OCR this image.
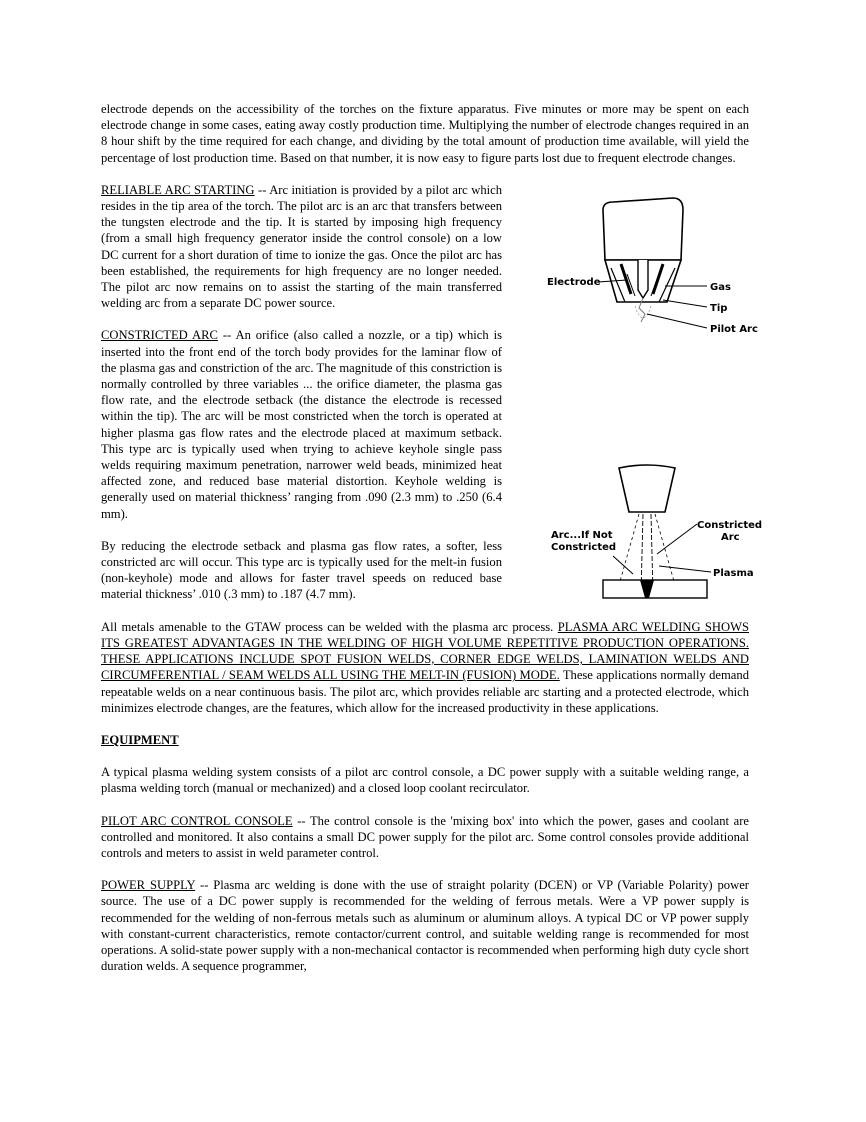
electrode depends on the accessibility of the torches on the fixture apparatus. Five minutes or more may be spent on each electrode change in some cases, eating away costly production time. Multiplying the number of electrode changes required in an 8 hour shift by the time required for each change, and dividing by the total amount of production time available, will yield the percentage of lost production time. Based on that number, it is now easy to figure parts lost due to frequent electrode changes.

RELIABLE ARC STARTING -- Arc initiation is provided by a pilot arc which resides in the tip area of the torch. The pilot arc is an arc that transfers between the tungsten electrode and the tip. It is started by imposing high frequency (from a small high frequency generator inside the control console) on a low DC current for a short duration of time to ionize the gas. Once the pilot arc has been established, the requirements for high frequency are no longer needed. The pilot arc now remains on to assist the starting of the main transferred welding arc from a separate DC power source.

CONSTRICTED ARC -- An orifice (also called a nozzle, or a tip) which is inserted into the front end of the torch body provides for the laminar flow of the plasma gas and constriction of the arc. The magnitude of this constriction is normally controlled by three variables ... the orifice diameter, the plasma gas flow rate, and the electrode setback (the distance the electrode is recessed within the tip). The arc will be most constricted when the torch is operated at higher plasma gas flow rates and the electrode placed at maximum setback. This type arc is typically used when trying to achieve keyhole single pass welds requiring maximum penetration, narrower weld beads, minimized heat affected zone, and reduced base material distortion. Keyhole welding is generally used on material thickness’ ranging from .090 (2.3 mm) to .250 (6.4 mm).

By reducing the electrode setback and plasma gas flow rates, a softer, less constricted arc will occur. This type arc is typically used for the melt-in fusion (non-keyhole) mode and allows for faster travel speeds on reduced base material thickness’ .010 (.3 mm) to .187 (4.7 mm).

Electrode	Gas
Tip
Pilot Arc
Arc...If Not
Constricted
Constricted
Arc
Plasma

All metals amenable to the GTAW process can be welded with the plasma arc process. PLASMA ARC WELDING SHOWS ITS GREATEST ADVANTAGES IN THE WELDING OF HIGH VOLUME REPETITIVE PRODUCTION OPERATIONS. THESE APPLICATIONS INCLUDE SPOT FUSION WELDS, CORNER EDGE WELDS, LAMINATION WELDS AND CIRCUMFERENTIAL / SEAM WELDS ALL USING THE MELT-IN (FUSION) MODE. These applications normally demand repeatable welds on a near continuous basis. The pilot arc, which provides reliable arc starting and a protected electrode, which minimizes electrode changes, are the features, which allow for the increased productivity in these applications.

EQUIPMENT

A typical plasma welding system consists of a pilot arc control console, a DC power supply with a suitable welding range, a plasma welding torch (manual or mechanized) and a closed loop coolant recirculator.

PILOT ARC CONTROL CONSOLE -- The control console is the 'mixing box' into which the power, gases and coolant are controlled and monitored. It also contains a small DC power supply for the pilot arc. Some control consoles provide additional controls and meters to assist in weld parameter control.

POWER SUPPLY -- Plasma arc welding is done with the use of straight polarity (DCEN) or VP (Variable Polarity) power source. The use of a DC power supply is recommended for the welding of ferrous metals. Were a VP power supply is recommended for the welding of non-ferrous metals such as aluminum or aluminum alloys. A typical DC or VP power supply with constant-current characteristics, remote contactor/current control, and suitable welding range is recommended for most operations. A solid-state power supply with a non-mechanical contactor is recommended when performing high duty cycle short duration welds. A sequence programmer,
